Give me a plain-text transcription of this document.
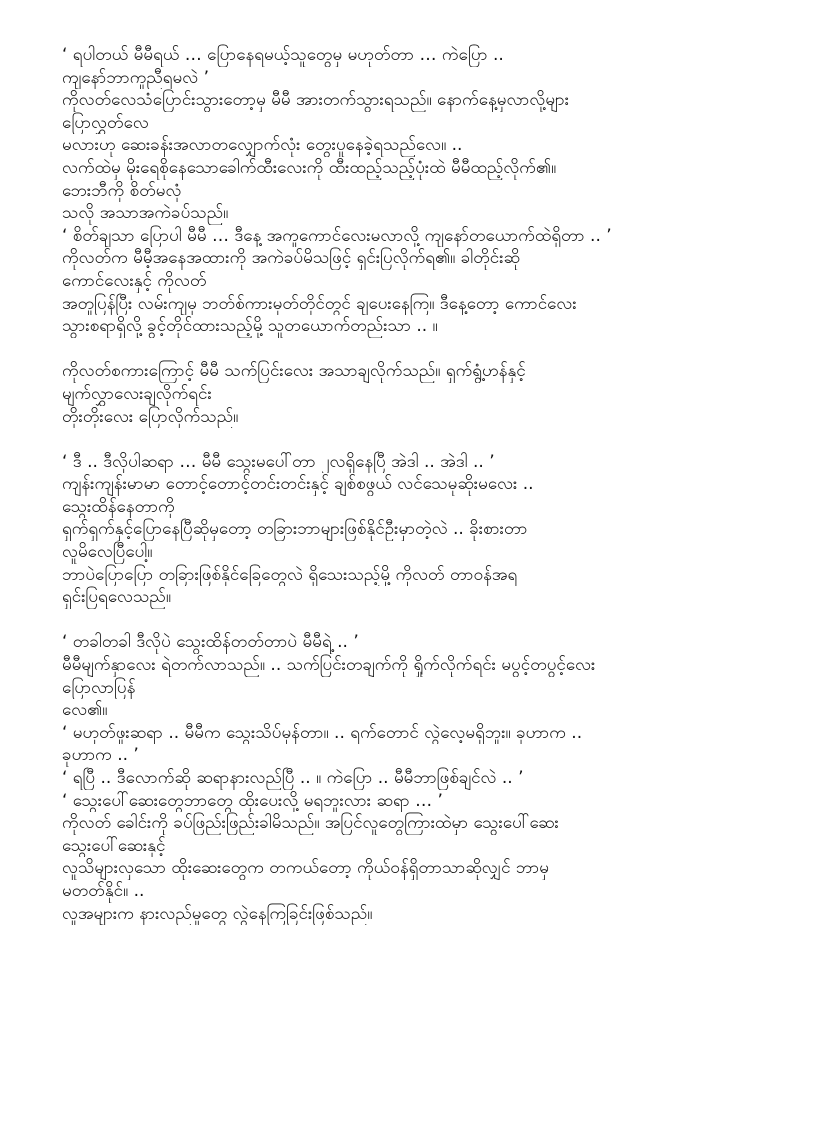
‘ ရပါတယ် မီမီရယ် … ပြောနေရမယ့်သူတွေမှ မဟုတ်တာ … ကဲပြော ..
ကျနော်ဘာကူညီရမလဲ ’
ကိုလတ်လေသံပြောင်းသွားတော့မှ မီမီ အားတက်သွားရသည်။ နောက်နေ့မှလာလို့များ
ပြောလွှတ်လေ
မလားဟု ဆေးခန်းအလာတလျှောက်လုံး တွေးပူနေခဲ့ရသည်လေ။ ..
လက်ထဲမှ မိုးရေစိုနေသောခေါက်ထီးလေးကို ထီးထည့်သည့်ပုံးထဲ မီမီထည့်လိုက်၏။
ဘေးဘီကို စိတ်မလုံ
သလို အသာအကဲခပ်သည်။
‘ စိတ်ချသာ ပြောပါ မီမီ … ဒီနေ့ အကူကောင်လေးမလာလို့ ကျနော်တယောက်ထဲရှိတာ .. ’
ကိုလတ်က မီမီ့အနေအထားကို အကဲခပ်မိသဖြင့် ရှင်းပြလိုက်ရ၏။ ခါတိုင်းဆို
ကောင်လေးနှင့် ကိုလတ်
အတူပြန်ပြီး လမ်းကျမှ ဘတ်စ်ကားမှတ်တိုင်တွင် ချပေးနေကြ။ ဒီနေ့တော့ ကောင်လေး
သွားစရာရှိလို့ ခွင့်တိုင်ထားသည့်မို့ သူတယောက်တည်းသာ .. ။
ကိုလတ်စကားကြောင့် မီမီ သက်ပြင်းလေး အသာချလိုက်သည်။ ရှက်ရွံ့ဟန်နှင့်
မျက်လွှာလေးချလိုက်ရင်း
တိုးတိုးလေး ပြောလိုက်သည်။
‘ ဒီ .. ဒီလိုပါဆရာ … မီမီ သွေးမပေါ်တာ ၂လရှိနေပြီ အဲဒါ .. အဲဒါ .. ’
ကျန်းကျန်းမာမာ တောင့်တောင့်တင်းတင်းနှင့် ချစ်စဖွယ် လင်သေမုဆိုးမလေး ..
သွေးထိန်နေတာကို
ရှက်ရှက်နှင့်ပြောနေပြီဆိုမှတော့ တခြားဘာများဖြစ်နိုင်ဦးမှာတဲ့လဲ .. ခိုးစားတာ
လူမိလေပြီပေါ့။
ဘာပဲပြောပြော တခြားဖြစ်နိုင်ခြေတွေလဲ ရှိသေးသည့်မို့ ကိုလတ် တာဝန်အရ
ရှင်းပြရလေသည်။
‘ တခါတခါ ဒီလိုပဲ သွေးထိန်တတ်တာပဲ မီမီရဲ့ .. ’
မီမီမျက်နှာလေး ရဲတက်လာသည်။ .. သက်ပြင်းတချက်ကို ရှိုက်လိုက်ရင်း မပွင့်တပွင့်လေး
ပြောလာပြန်
လေ၏။
‘ မဟုတ်ဖူးဆရာ .. မီမီက သွေးသိပ်မှန်တာ။ .. ရက်တောင် လွဲလေ့မရှိဘူး။ ခုဟာက ..
ခုဟာက .. ’
‘ ရပြီ .. ဒီလောက်ဆို ဆရာနားလည်ပြီ .. ။ ကဲပြော .. မီမီဘာဖြစ်ချင်လဲ .. ’
‘ သွေးပေါ်ဆေးတွေဘာတွေ ထိုးပေးလို့ မရဘူးလား ဆရာ … ’
ကိုလတ် ခေါင်းကို ခပ်ဖြည်းဖြည်းခါမိသည်။ အပြင်လူတွေကြားထဲမှာ သွေးပေါ်ဆေး
သွေးပေါ်ဆေးနှင့်
လူသိများလှသော ထိုးဆေးတွေက တကယ်တော့ ကိုယ်ဝန်ရှိတာသာဆိုလျှင် ဘာမှ
မတတ်နိုင်။ ..
လူအများက နားလည်မှုတွေ လွဲနေကြခြင်းဖြစ်သည်။
